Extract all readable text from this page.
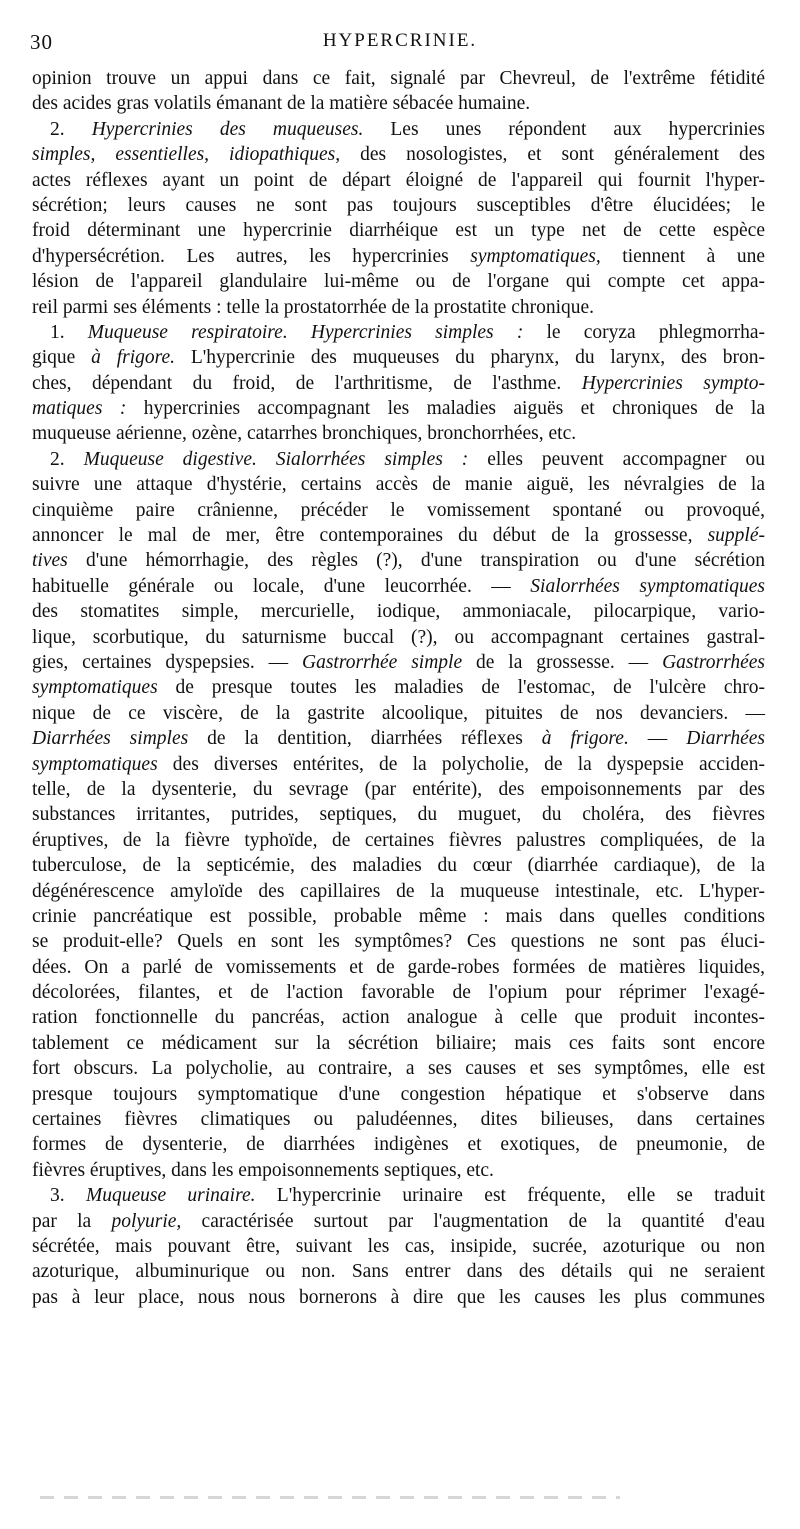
30	HYPERCRINIE.
opinion trouve un appui dans ce fait, signalé par Chevreul, de l'extrême fétidité
des acides gras volatils émanant de la matière sébacée humaine.
2. Hypercrinies des muqueuses. Les unes répondent aux hypercrinies
simples, essentielles, idiopathiques, des nosologistes, et sont généralement des
actes réflexes ayant un point de départ éloigné de l'appareil qui fournit l'hyper-
sécrétion; leurs causes ne sont pas toujours susceptibles d'être élucidées; le
froid déterminant une hypercrinie diarrhéique est un type net de cette espèce
d'hypersécrétion. Les autres, les hypercrinies symptomatiques, tiennent à une
lésion de l'appareil glandulaire lui-même ou de l'organe qui compte cet appa-
reil parmi ses éléments : telle la prostatorrhée de la prostatite chronique.
1. Muqueuse respiratoire. Hypercrinies simples : le coryza phlegmorrha-
gique à frigore. L'hypercrinie des muqueuses du pharynx, du larynx, des bron-
ches, dépendant du froid, de l'arthritisme, de l'asthme. Hypercrinies sympto-
matiques : hypercrinies accompagnant les maladies aiguës et chroniques de la
muqueuse aérienne, ozène, catarrhes bronchiques, bronchorrhées, etc.
2. Muqueuse digestive. Sialorrhées simples : elles peuvent accompagner ou
suivre une attaque d'hystérie, certains accès de manie aiguë, les névralgies de la
cinquième paire crânienne, précéder le vomissement spontané ou provoqué,
annoncer le mal de mer, être contemporaines du début de la grossesse, supplé-
tives d'une hémorrhagie, des règles (?), d'une transpiration ou d'une sécrétion
habituelle générale ou locale, d'une leucorrhée. — Sialorrhées symptomatiques
des stomatites simple, mercurielle, iodique, ammoniacale, pilocarpique, vario-
lique, scorbutique, du saturnisme buccal (?), ou accompagnant certaines gastral-
gies, certaines dyspepsies. — Gastrorrhée simple de la grossesse. — Gastrorrhées
symptomatiques de presque toutes les maladies de l'estomac, de l'ulcère chro-
nique de ce viscère, de la gastrite alcoolique, pituites de nos devanciers. —
Diarrhées simples de la dentition, diarrhées réflexes à frigore. — Diarrhées
symptomatiques des diverses entérites, de la polycholie, de la dyspepsie acciden-
telle, de la dysenterie, du sevrage (par entérite), des empoisonnements par des
substances irritantes, putrides, septiques, du muguet, du choléra, des fièvres
éruptives, de la fièvre typhoïde, de certaines fièvres palustres compliquées, de la
tuberculose, de la septicémie, des maladies du cœur (diarrhée cardiaque), de la
dégénérescence amyloïde des capillaires de la muqueuse intestinale, etc. L'hyper-
crinie pancréatique est possible, probable même : mais dans quelles conditions
se produit-elle? Quels en sont les symptômes? Ces questions ne sont pas éluci-
dées. On a parlé de vomissements et de garde-robes formées de matières liquides,
décolorées, filantes, et de l'action favorable de l'opium pour réprimer l'exagé-
ration fonctionnelle du pancréas, action analogue à celle que produit incontes-
tablement ce médicament sur la sécrétion biliaire; mais ces faits sont encore
fort obscurs. La polycholie, au contraire, a ses causes et ses symptômes, elle est
presque toujours symptomatique d'une congestion hépatique et s'observe dans
certaines fièvres climatiques ou paludéennes, dites bilieuses, dans certaines
formes de dysenterie, de diarrhées indigènes et exotiques, de pneumonie, de
fièvres éruptives, dans les empoisonnements septiques, etc.
3. Muqueuse urinaire. L'hypercrinie urinaire est fréquente, elle se traduit
par la polyurie, caractérisée surtout par l'augmentation de la quantité d'eau
sécrétée, mais pouvant être, suivant les cas, insipide, sucrée, azoturique ou non
azoturique, albuminurique ou non. Sans entrer dans des détails qui ne seraient
pas à leur place, nous nous bornerons à dire que les causes les plus communes
